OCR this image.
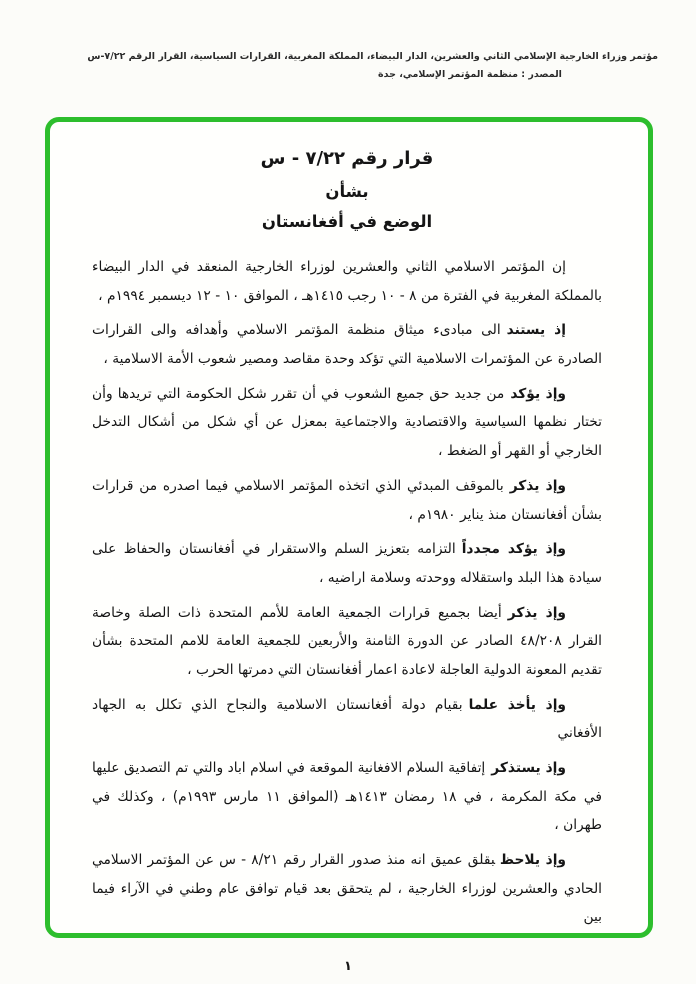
مؤتمر وزراء الخارجية الإسلامي الثاني والعشرين، الدار البيضاء، المملكة المغربية، القرارات السياسية، القرار الرقم ٧/٢٢-س
المصدر : منظمة المؤتمر الإسلامي، جدة
قرار رقم ٧/٢٢ - س
بشأن
الوضع في أفغانستان

إن المؤتمر الاسلامي الثاني والعشرين لوزراء الخارجية المنعقد في الدار البيضاء بالمملكة المغربية في الفترة من ٨ - ١٠ رجب ١٤١٥هـ ، الموافق ١٠ - ١٢ ديسمبر ١٩٩٤م ،

إذ يستندالى مبادىء ميثاق منظمة المؤتمر الاسلامي وأهدافه والى القرارات الصادرة عن المؤتمرات الاسلامية التي تؤكد وحدة مقاصد ومصير شعوب الأمة الاسلامية ،

وإذ يؤكدمن جديد حق جميع الشعوب في أن تقرر شكل الحكومة التي تريدها وأن تختار نظمها السياسية والاقتصادية والاجتماعية بمعزل عن أي شكل من أشكال التدخل الخارجي أو القهر أو الضغط ،

وإذ يذكربالموقف المبدئي الذي اتخذه المؤتمر الاسلامي فيما اصدره من قرارات بشأن أفغانستان منذ يناير ١٩٨٠م ،

وإذ يؤكد مجدداًالتزامه بتعزيز السلم والاستقرار في أفغانستان والحفاظ على سيادة هذا البلد واستقلاله ووحدته وسلامة اراضيه ،

وإذ يذكرأيضا بجميع قرارات الجمعية العامة للأمم المتحدة ذات الصلة وخاصة القرار ٤٨/٢٠٨ الصادر عن الدورة الثامنة والأربعين للجمعية العامة للامم المتحدة بشأن تقديم المعونة الدولية العاجلة لاعادة اعمار أفغانستان التي دمرتها الحرب ،

وإذ يأخذ علمابقيام دولة أفغانستان الاسلامية والنجاح الذي تكلل به الجهاد الأفغاني

وإذ يستذكرإتفاقية السلام الافغانية الموقعة في اسلام اباد والتي تم التصديق عليها في مكة المكرمة ، في ١٨ رمضان ١٤١٣هـ (الموافق ١١ مارس ١٩٩٣م) ، وكذلك في طهران ،

وإذ يلاحظبقلق عميق انه منذ صدور القرار رقم ٨/٢١ - س عن المؤتمر الاسلامي الحادي والعشرين لوزراء الخارجية ، لم يتحقق بعد قيام توافق عام وطني في الآراء فيما بين

١
